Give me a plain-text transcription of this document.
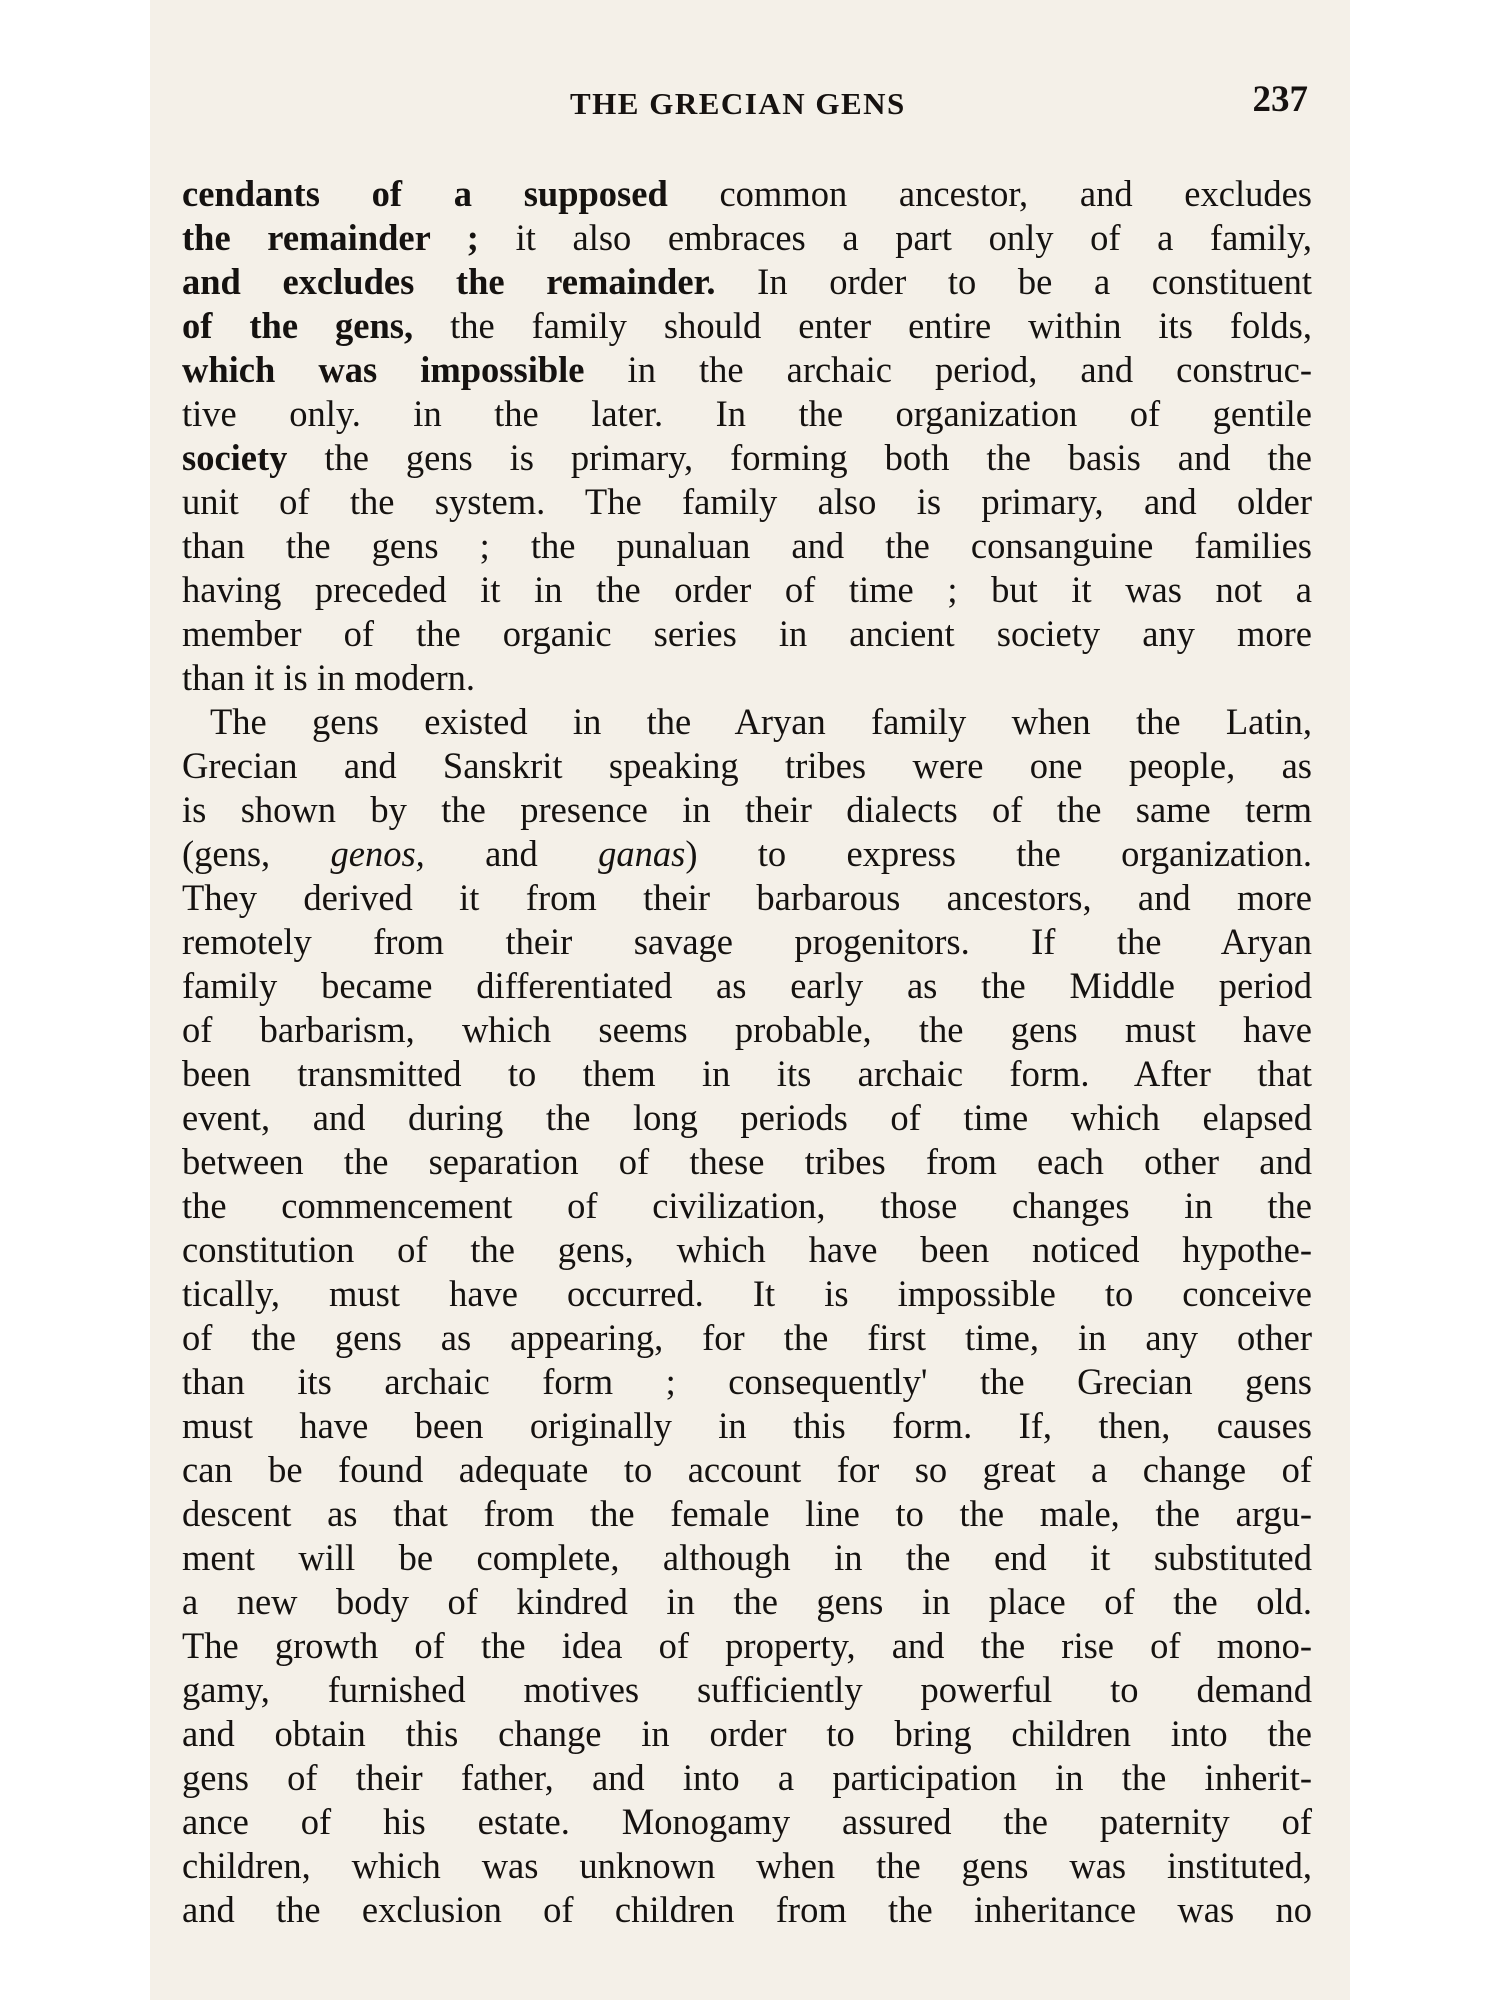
THE GRECIAN GENS	237
cendants of a supposed common ancestor, and excludes
the remainder ; it also embraces a part only of a family,
and excludes the remainder. In order to be a constituent
of the gens, the family should enter entire within its folds,
which was impossible in the archaic period, and construc-
tive only. in the later. In the organization of gentile
society the gens is primary, forming both the basis and the
unit of the system. The family also is primary, and older
than the gens ; the punaluan and the consanguine families
having preceded it in the order of time ; but it was not a
member of the organic series in ancient society any more
than it is in modern.
The gens existed in the Aryan family when the Latin,
Grecian and Sanskrit speaking tribes were one people, as
is shown by the presence in their dialects of the same term
(gens, genos, and ganas) to express the organization.
They derived it from their barbarous ancestors, and more
remotely from their savage progenitors. If the Aryan
family became differentiated as early as the Middle period
of barbarism, which seems probable, the gens must have
been transmitted to them in its archaic form. After that
event, and during the long periods of time which elapsed
between the separation of these tribes from each other and
the commencement of civilization, those changes in the
constitution of the gens, which have been noticed hypothe-
tically, must have occurred. It is impossible to conceive
of the gens as appearing, for the first time, in any other
than its archaic form ; consequently' the Grecian gens
must have been originally in this form. If, then, causes
can be found adequate to account for so great a change of
descent as that from the female line to the male, the argu-
ment will be complete, although in the end it substituted
a new body of kindred in the gens in place of the old.
The growth of the idea of property, and the rise of mono-
gamy, furnished motives sufficiently powerful to demand
and obtain this change in order to bring children into the
gens of their father, and into a participation in the inherit-
ance of his estate. Monogamy assured the paternity of
children, which was unknown when the gens was instituted,
and the exclusion of children from the inheritance was no
